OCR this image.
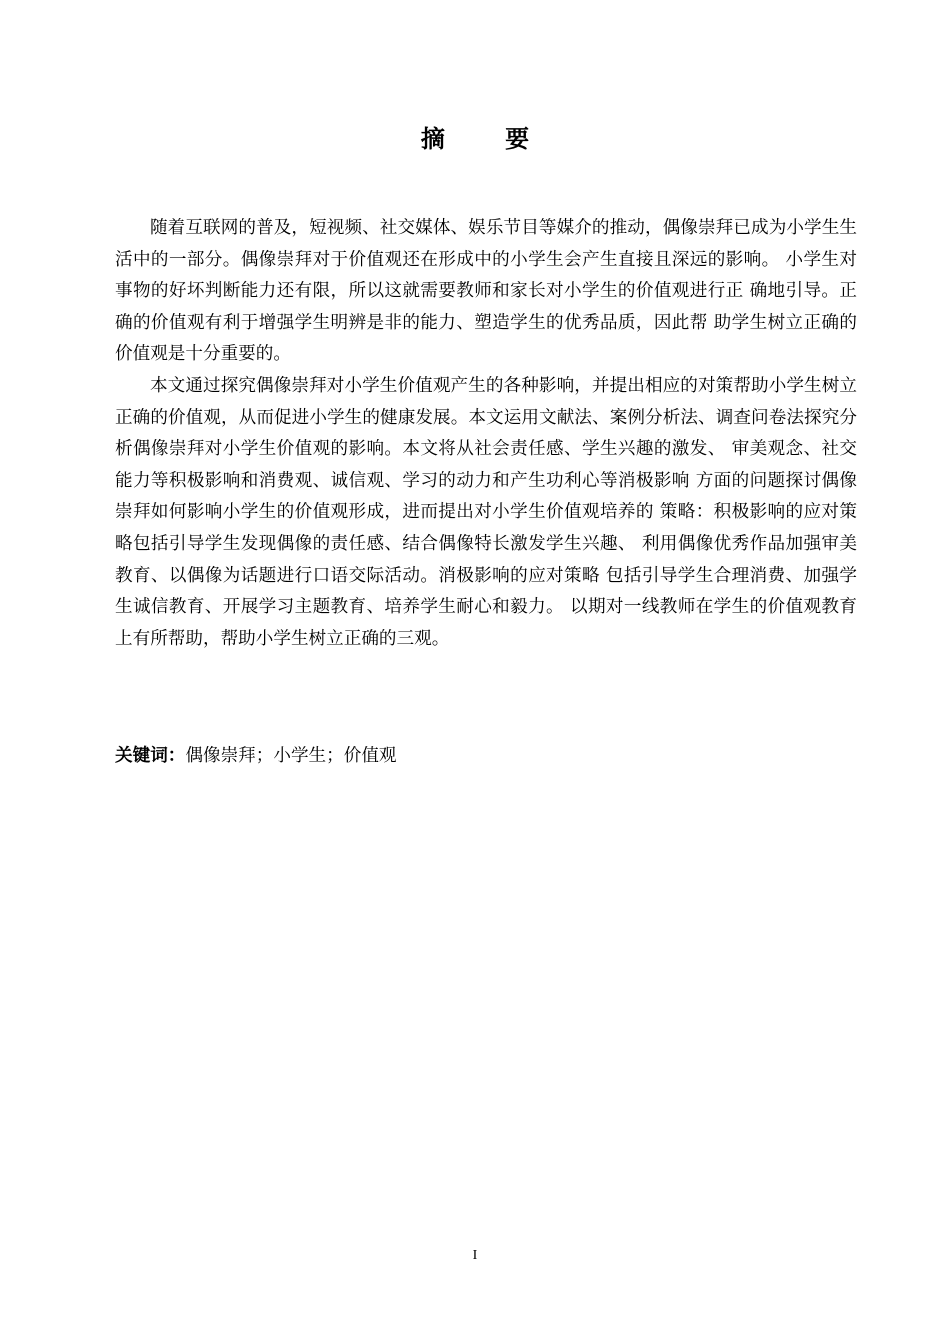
摘 要

随着互联网的普及，短视频、社交媒体、娱乐节目等媒介的推动，偶像崇拜已成为小学生生活中的一部分。偶像崇拜对于价值观还在形成中的小学生会产生直接且深远的影响。 小学生对事物的好坏判断能力还有限，所以这就需要教师和家长对小学生的价值观进行正 确地引导。正确的价值观有利于增强学生明辨是非的能力、塑造学生的优秀品质，因此帮 助学生树立正确的价值观是十分重要的。

本文通过探究偶像崇拜对小学生价值观产生的各种影响，并提出相应的对策帮助小学生树立正确的价值观，从而促进小学生的健康发展。本文运用文献法、案例分析法、调查问卷法探究分析偶像崇拜对小学生价值观的影响。本文将从社会责任感、学生兴趣的激发、 审美观念、社交能力等积极影响和消费观、诚信观、学习的动力和产生功利心等消极影响 方面的问题探讨偶像崇拜如何影响小学生的价值观形成，进而提出对小学生价值观培养的 策略：积极影响的应对策略包括引导学生发现偶像的责任感、结合偶像特长激发学生兴趣、 利用偶像优秀作品加强审美教育、以偶像为话题进行口语交际活动。消极影响的应对策略 包括引导学生合理消费、加强学生诚信教育、开展学习主题教育、培养学生耐心和毅力。 以期对一线教师在学生的价值观教育上有所帮助，帮助小学生树立正确的三观。

关键词：偶像崇拜；小学生；价值观
I
